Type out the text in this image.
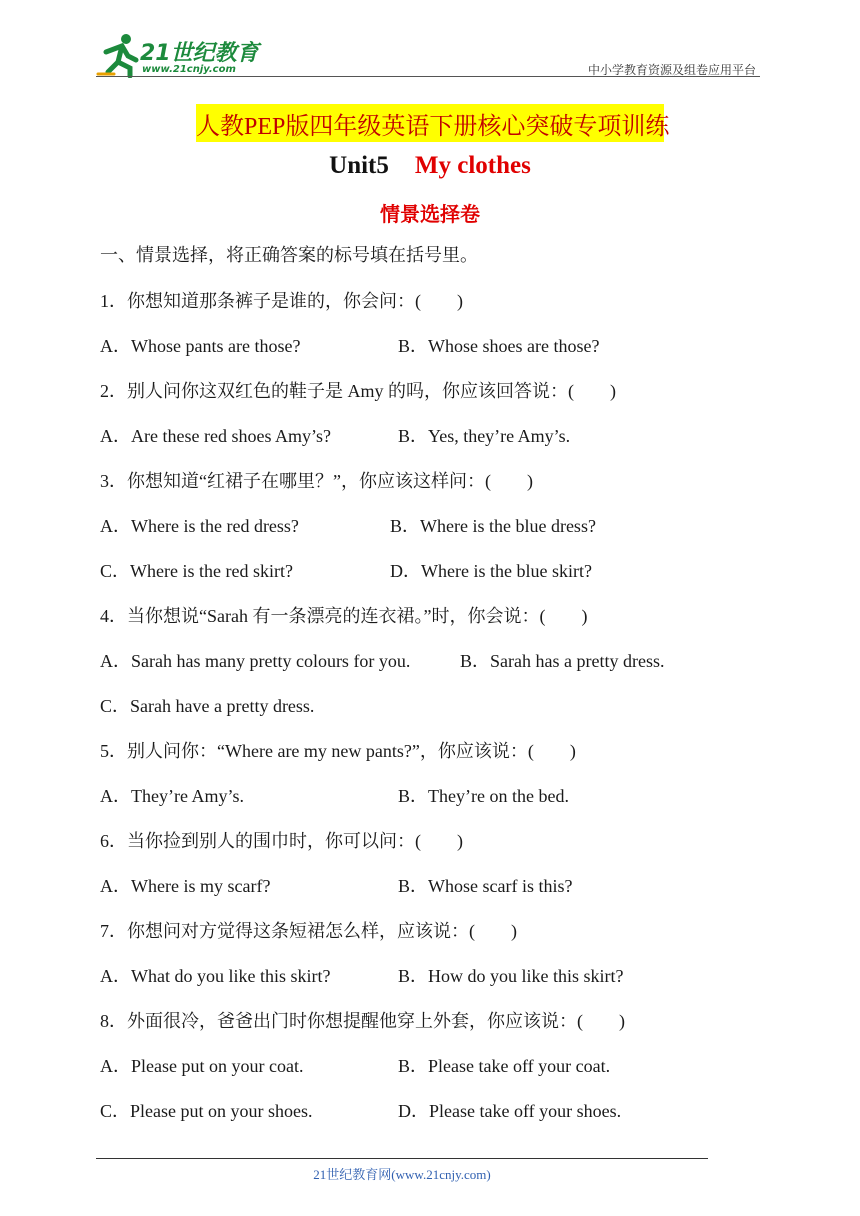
21世纪教育
www.21cnjy.com	中小学教育资源及组卷应用平台
人教PEP版四年级英语下册核心突破专项训练
Unit5 My clothes
情景选择卷
一、情景选择，将正确答案的标号填在括号里。
1．你想知道那条裤子是谁的，你会问：(　　)
A．Whose pants are those?	B．Whose shoes are those?
2．别人问你这双红色的鞋子是 Amy 的吗，你应该回答说：(　　)
A．Are these red shoes Amy’s?	B．Yes, they’re Amy’s.
3．你想知道“红裙子在哪里？”，你应该这样问：(　　)
A．Where is the red dress?	B．Where is the blue dress?
C．Where is the red skirt?	D．Where is the blue skirt?
4．当你想说“Sarah 有一条漂亮的连衣裙。”时，你会说：(　　)
A．Sarah has many pretty colours for you.	B．Sarah has a pretty dress.
C．Sarah have a pretty dress.
5．别人问你：“Where are my new pants?”，你应该说：(　　)
A．They’re Amy’s.	B．They’re on the bed.
6．当你捡到别人的围巾时，你可以问：(　　)
A．Where is my scarf?	B．Whose scarf is this?
7．你想问对方觉得这条短裙怎么样，应该说：(　　)
A．What do you like this skirt?	B．How do you like this skirt?
8．外面很冷，爸爸出门时你想提醒他穿上外套，你应该说：(　　)
A．Please put on your coat.	B．Please take off your coat.
C．Please put on your shoes.	D．Please take off your shoes.
21世纪教育网(www.21cnjy.com)
